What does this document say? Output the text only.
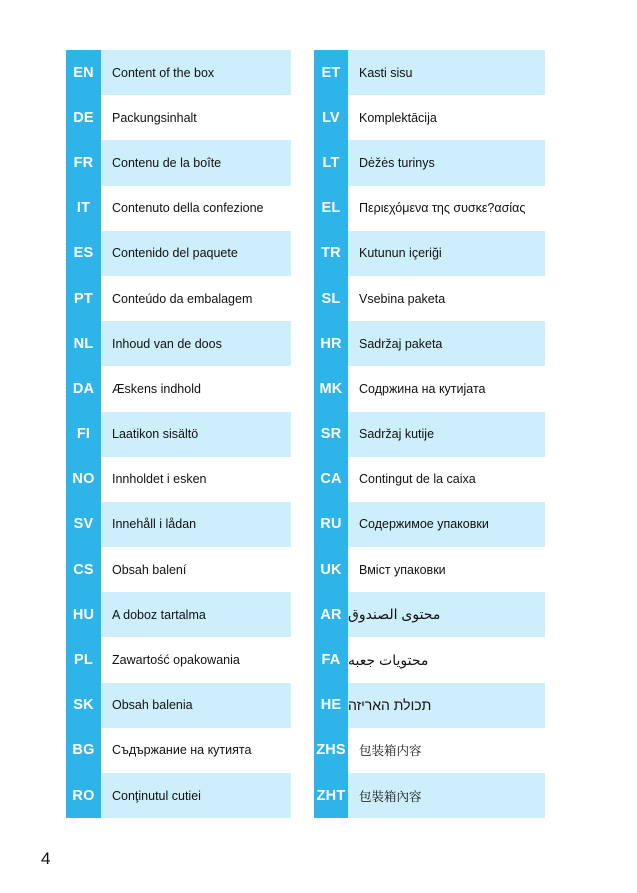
EN	Content of the box
DE	Packungsinhalt
FR	Contenu de la boîte
IT	Contenuto della confezione
ES	Contenido del paquete
PT	Conteúdo da embalagem
NL	Inhoud van de doos
DA	Æskens indhold
FI	Laatikon sisältö
NO	Innholdet i esken
SV	Innehåll i lådan
CS	Obsah balení
HU	A doboz tartalma
PL	Zawartość opakowania
SK	Obsah balenia
BG	Съдържание на кутията
RO	Conţinutul cutiei
ET	Kasti sisu
LV	Komplektācija
LT	Dėžės turinys
EL	Περιεχόμενα της συσκε?ασίας
TR	Kutunun içeriği
SL	Vsebina paketa
HR	Sadržaj paketa
MK	Содржина на кутијата
SR	Sadržaj kutije
CA	Contingut de la caixa
RU	Содержимое упаковки
UK	Вміст упаковки
AR محتوى الصندوق
FA محتويات جعبه
HE תכולת האריזה
ZHS	包装箱内容
ZHT	包裝箱內容
4
